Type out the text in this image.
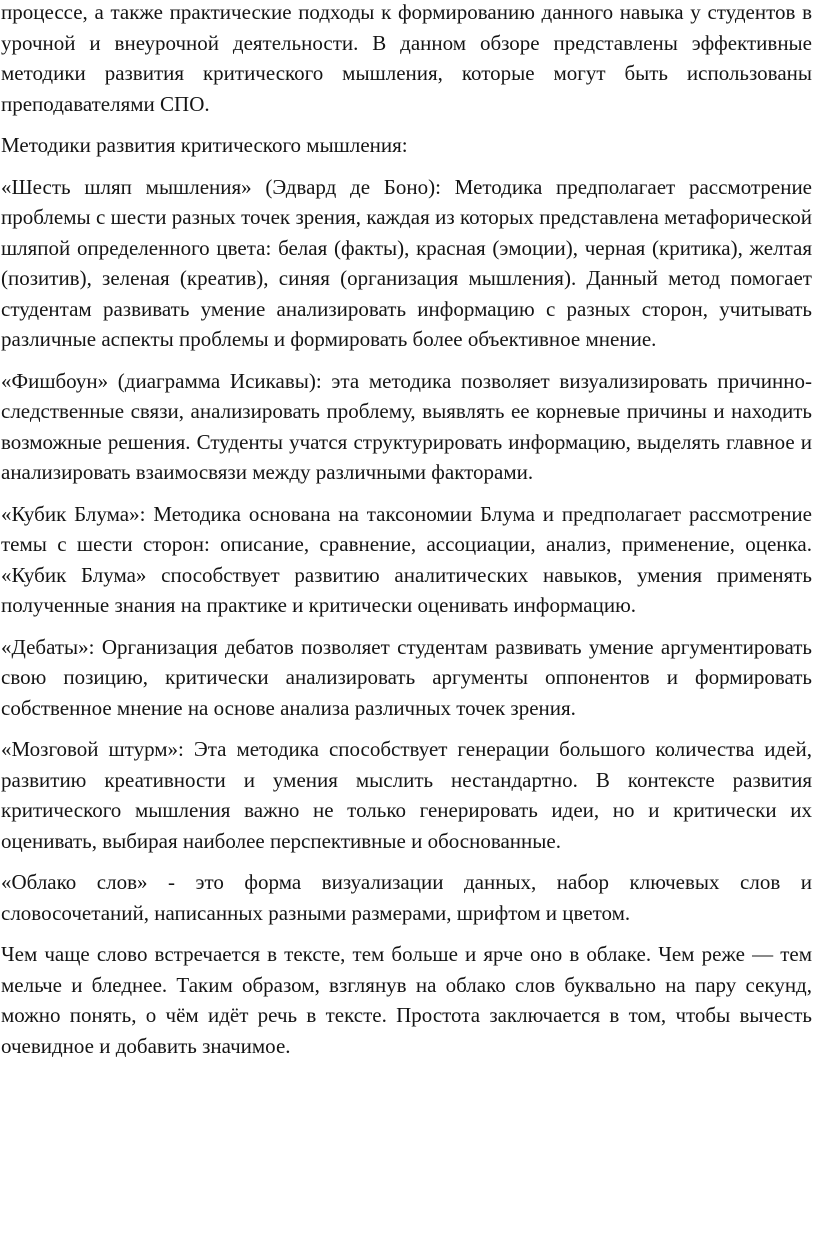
процессе, а также практические подходы к формированию данного навыка у студентов в урочной и внеурочной деятельности. В данном обзоре представлены эффективные методики развития критического мышления, которые могут быть использованы преподавателями СПО.

Методики развития критического мышления:

«Шесть шляп мышления» (Эдвард де Боно): Методика предполагает рассмотрение проблемы с шести разных точек зрения, каждая из которых представлена метафорической шляпой определенного цвета: белая (факты), красная (эмоции), черная (критика), желтая (позитив), зеленая (креатив), синяя (организация мышления). Данный метод помогает студентам развивать умение анализировать информацию с разных сторон, учитывать различные аспекты проблемы и формировать более объективное мнение.

«Фишбоун» (диаграмма Исикавы): эта методика позволяет визуализировать причинно-следственные связи, анализировать проблему, выявлять ее корневые причины и находить возможные решения. Студенты учатся структурировать информацию, выделять главное и анализировать взаимосвязи между различными факторами.

«Кубик Блума»: Методика основана на таксономии Блума и предполагает рассмотрение темы с шести сторон: описание, сравнение, ассоциации, анализ, применение, оценка. «Кубик Блума» способствует развитию аналитических навыков, умения применять полученные знания на практике и критически оценивать информацию.

«Дебаты»: Организация дебатов позволяет студентам развивать умение аргументировать свою позицию, критически анализировать аргументы оппонентов и формировать собственное мнение на основе анализа различных точек зрения.

«Мозговой штурм»: Эта методика способствует генерации большого количества идей, развитию креативности и умения мыслить нестандартно. В контексте развития критического мышления важно не только генерировать идеи, но и критически их оценивать, выбирая наиболее перспективные и обоснованные.

«Облако слов» - это форма визуализации данных, набор ключевых слов и словосочетаний, написанных разными размерами, шрифтом и цветом.

Чем чаще слово встречается в тексте, тем больше и ярче оно в облаке. Чем реже — тем мельче и бледнее. Таким образом, взглянув на облако слов буквально на пару секунд, можно понять, о чём идёт речь в тексте. Простота заключается в том, чтобы вычесть очевидное и добавить значимое.
